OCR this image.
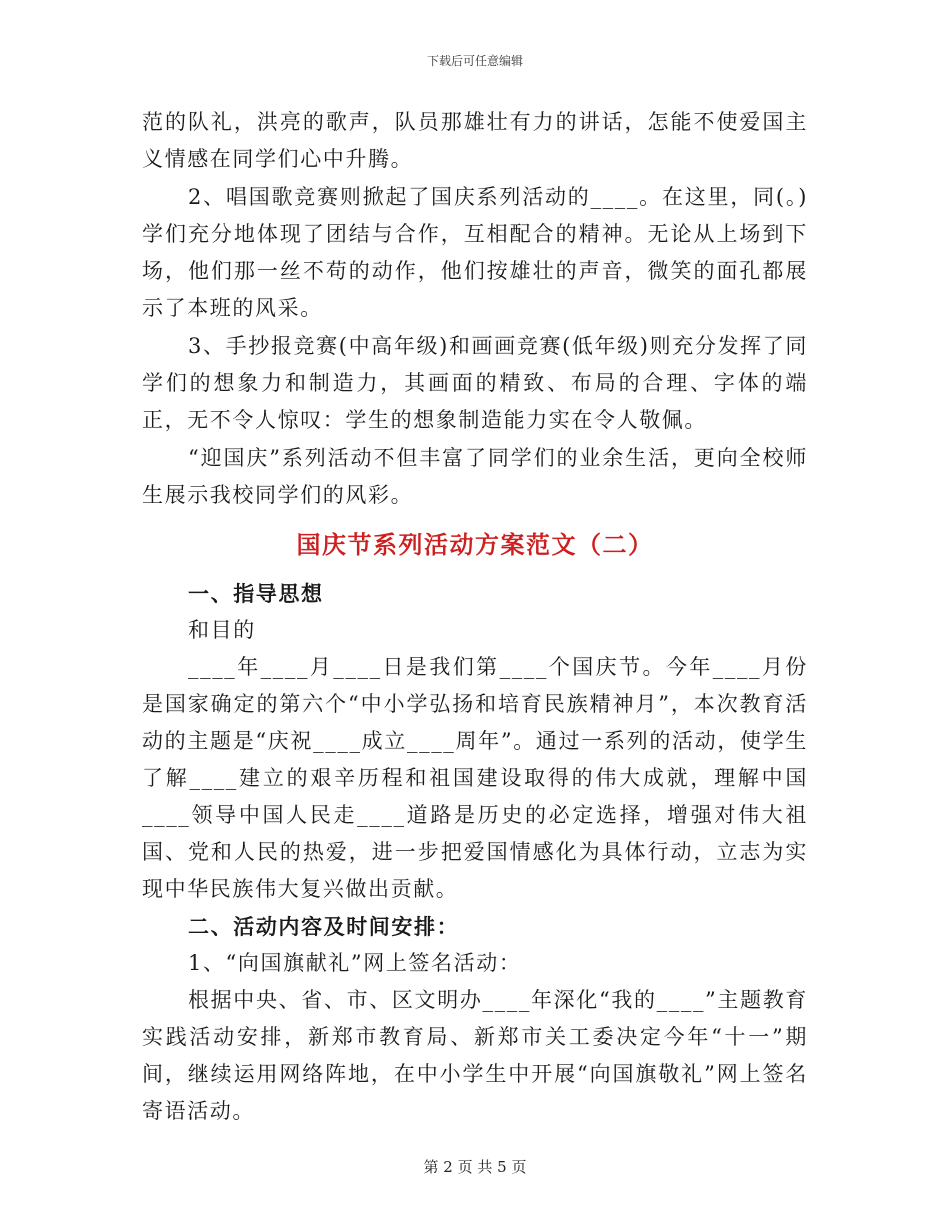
下载后可任意编辑

范的队礼，洪亮的歌声，队员那雄壮有力的讲话，怎能不使爱国主义情感在同学们心中升腾。

2、唱国歌竞赛则掀起了国庆系列活动的____。在这里，同(。)学们充分地体现了团结与合作，互相配合的精神。无论从上场到下场，他们那一丝不苟的动作，他们按雄壮的声音，微笑的面孔都展示了本班的风采。

3、手抄报竞赛(中高年级)和画画竞赛(低年级)则充分发挥了同学们的想象力和制造力，其画面的精致、布局的合理、字体的端正，无不令人惊叹：学生的想象制造能力实在令人敬佩。

“迎国庆”系列活动不但丰富了同学们的业余生活，更向全校师生展示我校同学们的风彩。

国庆节系列活动方案范文（二）

一、指导思想

和目的

____年____月____日是我们第____个国庆节。今年____月份是国家确定的第六个“中小学弘扬和培育民族精神月”，本次教育活动的主题是“庆祝____成立____周年”。通过一系列的活动，使学生了解____建立的艰辛历程和祖国建设取得的伟大成就，理解中国____领导中国人民走____道路是历史的必定选择，增强对伟大祖国、党和人民的热爱，进一步把爱国情感化为具体行动，立志为实现中华民族伟大复兴做出贡献。

二、活动内容及时间安排：

1、“向国旗献礼”网上签名活动：

根据中央、省、市、区文明办____年深化“我的____”主题教育实践活动安排，新郑市教育局、新郑市关工委决定今年“十一”期间，继续运用网络阵地，在中小学生中开展“向国旗敬礼”网上签名寄语活动。

第 2 页 共 5 页
